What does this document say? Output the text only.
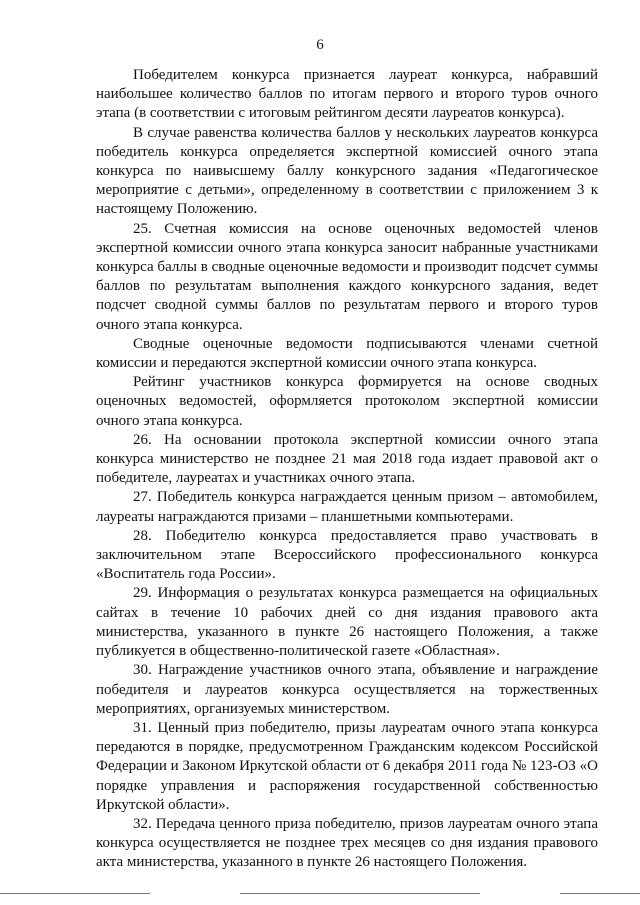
6

Победителем конкурса признается лауреат конкурса, набравший наибольшее количество баллов по итогам первого и второго туров очного этапа (в соответствии с итоговым рейтингом десяти лауреатов конкурса).

В случае равенства количества баллов у нескольких лауреатов конкурса победитель конкурса определяется экспертной комиссией очного этапа конкурса по наивысшему баллу конкурсного задания «Педагогическое мероприятие с детьми», определенному в соответствии с приложением 3 к настоящему Положению.

25. Счетная комиссия на основе оценочных ведомостей членов экспертной комиссии очного этапа конкурса заносит набранные участниками конкурса баллы в сводные оценочные ведомости и производит подсчет суммы баллов по результатам выполнения каждого конкурсного задания, ведет подсчет сводной суммы баллов по результатам первого и второго туров очного этапа конкурса.

Сводные оценочные ведомости подписываются членами счетной комиссии и передаются экспертной комиссии очного этапа конкурса.

Рейтинг участников конкурса формируется на основе сводных оценочных ведомостей, оформляется протоколом экспертной комиссии очного этапа конкурса.

26. На основании протокола экспертной комиссии очного этапа конкурса министерство не позднее 21 мая 2018 года издает правовой акт о победителе, лауреатах и участниках очного этапа.

27. Победитель конкурса награждается ценным призом – автомобилем, лауреаты награждаются призами – планшетными компьютерами.

28. Победителю конкурса предоставляется право участвовать в заключительном этапе Всероссийского профессионального конкурса «Воспитатель года России».

29. Информация о результатах конкурса размещается на официальных сайтах в течение 10 рабочих дней со дня издания правового акта министерства, указанного в пункте 26 настоящего Положения, а также публикуется в общественно-политической газете «Областная».

30. Награждение участников очного этапа, объявление и награждение победителя и лауреатов конкурса осуществляется на торжественных мероприятиях, организуемых министерством.

31. Ценный приз победителю, призы лауреатам очного этапа конкурса передаются в порядке, предусмотренном Гражданским кодексом Российской Федерации и Законом Иркутской области от 6 декабря 2011 года № 123-ОЗ «О порядке управления и распоряжения государственной собственностью Иркутской области».

32. Передача ценного приза победителю, призов лауреатам очного этапа конкурса осуществляется не позднее трех месяцев со дня издания правового акта министерства, указанного в пункте 26 настоящего Положения.
